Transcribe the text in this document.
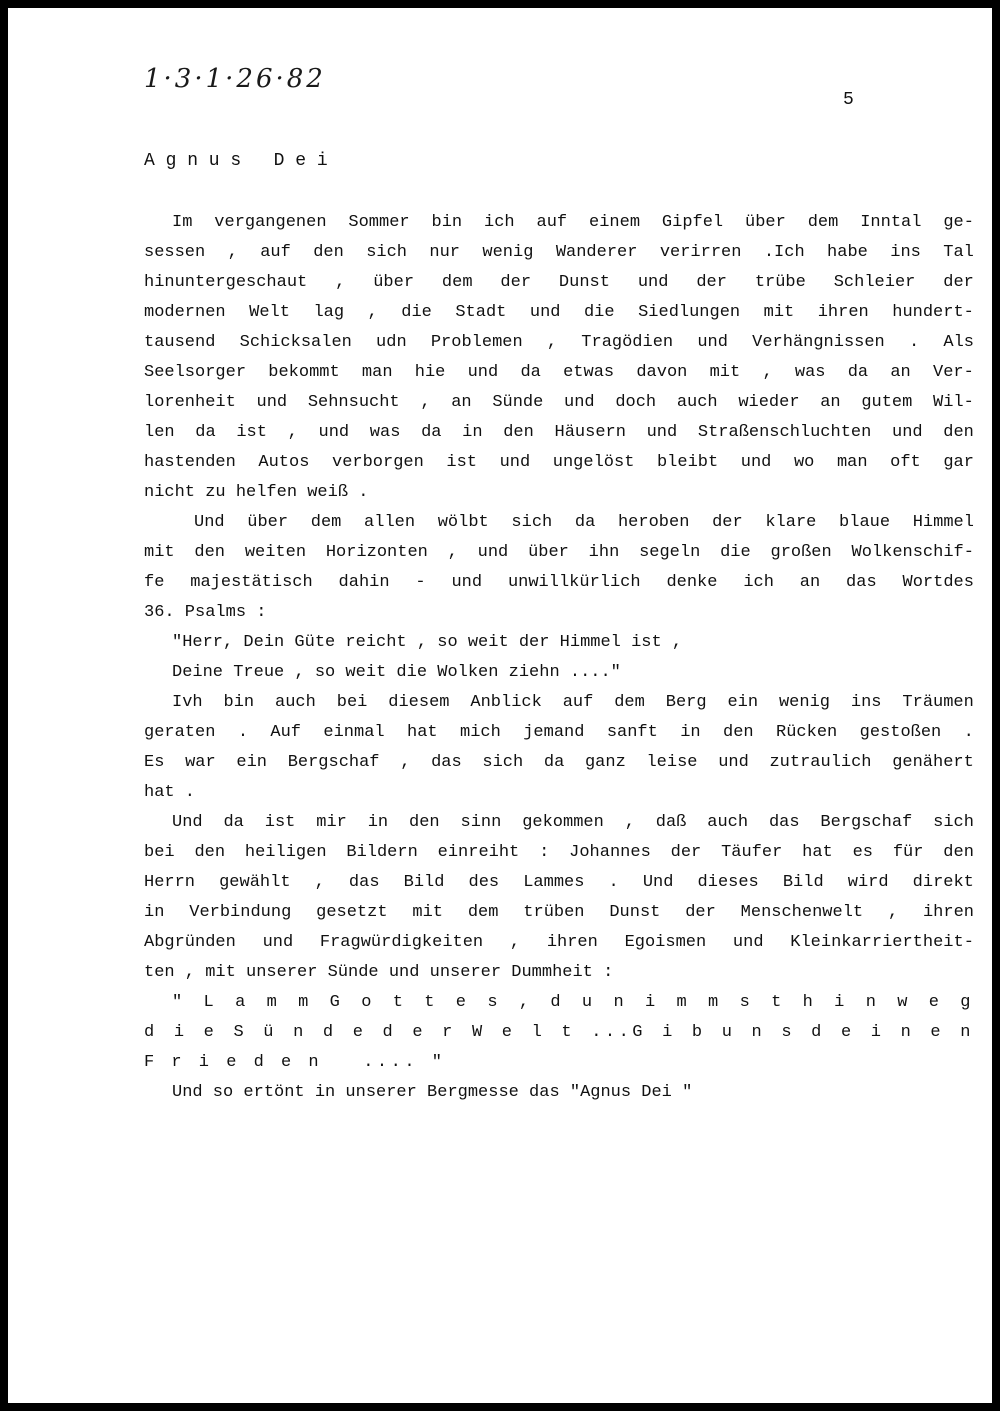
1·3·1·26·82
5
A g n u s   D e i
Im vergangenen Sommer bin ich auf einem Gipfel über dem Inntal ge-
sessen , auf den sich nur wenig Wanderer verirren .Ich habe ins Tal
hinuntergeschaut , über dem der Dunst und der trübe Schleier der
modernen Welt lag , die Stadt und die Siedlungen mit ihren hundert-
tausend Schicksalen udn Problemen , Tragödien und Verhängnissen . Als
Seelsorger bekommt man hie und da etwas davon mit , was da an Ver-
lorenheit und Sehnsucht , an Sünde und doch auch wieder an gutem Wil-
len da ist , und was da in den Häusern und Straßenschluchten und den
hastenden Autos verborgen ist und ungelöst bleibt und wo man oft gar
nicht zu helfen weiß .
Und über dem allen wölbt sich da heroben der klare blaue Himmel
mit den weiten Horizonten , und über ihn segeln die großen Wolkenschif-
fe majestätisch dahin - und unwillkürlich denke ich an das Wortdes
36. Psalms :
"Herr, Dein Güte reicht , so weit der Himmel ist ,
Deine Treue , so weit die Wolken ziehn ...."
Ivh bin auch bei diesem Anblick auf dem Berg ein wenig ins Träumen
geraten . Auf einmal hat mich jemand sanft in den Rücken gestoßen .
Es war ein Bergschaf , das sich da ganz leise und zutraulich genähert
hat .
Und da ist mir in den sinn gekommen , daß auch das Bergschaf sich
bei den heiligen Bildern einreiht : Johannes der Täufer hat es für den
Herrn gewählt , das Bild des Lammes . Und dieses Bild wird direkt
in Verbindung gesetzt mit dem trüben Dunst der Menschenwelt , ihren
Abgründen und Fragwürdigkeiten , ihren Egoismen und Kleinkarriertheit-
ten , mit unserer Sünde und unserer Dummheit :
" L a m m G o t t e s , d u n i m m s t h i n w e g
d i e S ü n d e d e r W e l t ...G i b u n s d e i n e n
F r i e d e n   .... "
Und so ertönt in unserer Bergmesse das "Agnus Dei "
